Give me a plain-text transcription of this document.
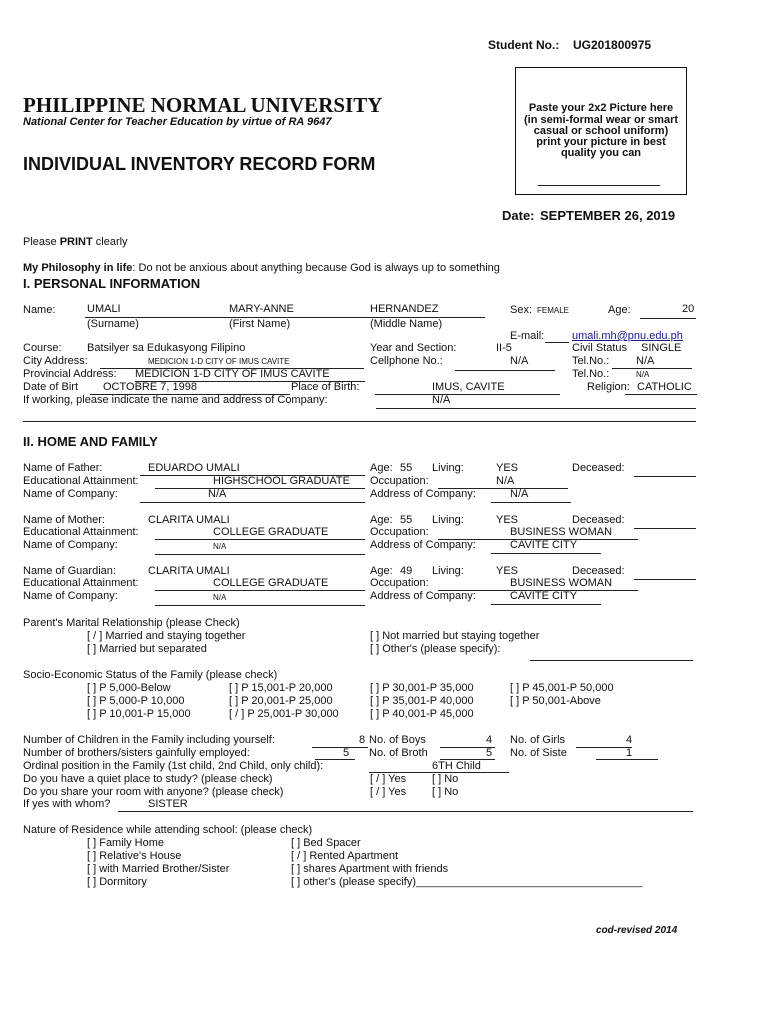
Student No.: UG201800975
PHILIPPINE NORMAL UNIVERSITY
National Center for Teacher Education by virtue of RA 9647
INDIVIDUAL INVENTORY RECORD FORM
Paste your 2x2 Picture here
(in semi-formal wear or smart
casual or school uniform)
print your picture in best
quality you can
Date: SEPTEMBER 26, 2019
Please PRINT clearly
My Philosophy in life: Do not be anxious about anything because God is always up to something
I. PERSONAL INFORMATION
Name:	UMALI	MARY-ANNE	HERNANDEZ	Sex: FEMALE	Age:	20
(Surname)	(First Name)	(Middle Name)
E-mail:	umali.mh@pnu.edu.ph
Course: Batsilyer sa Edukasyong Filipino	Year and Section:	II-5	Civil Status SINGLE
City Address:	MEDICION 1-D CITY OF IMUS CAVITE	Cellphone No.:	N/A	Tel.No.: N/A
Provincial Address: MEDICION 1-D CITY OF IMUS CAVITE	Tel.No.:	N/A
Date of Birt OCTOBRE 7, 1998	Place of Birth:	IMUS, CAVITE	Religion: CATHOLIC
If working, please indicate the name and address of Company:	N/A
II. HOME AND FAMILY
Name of Father:	EDUARDO UMALI	Age: 55 Living:	YES	Deceased:
Educational Attainment:	HIGHSCHOOL GRADUATE Occupation:	N/A
Name of Company:	N/A	Address of Company:	N/A
Name of Mother:	CLARITA UMALI	Age: 55 Living:	YES	Deceased:
Educational Attainment:	COLLEGE GRADUATE	Occupation:	BUSINESS WOMAN
Name of Company:	N/A	Address of Company:	CAVITE CITY
Name of Guardian:	CLARITA UMALI	Age: 49 Living:	YES	Deceased:
Educational Attainment:	COLLEGE GRADUATE	Occupation:	BUSINESS WOMAN
Name of Company:	N/A	Address of Company:	CAVITE CITY
Parent's Marital Relationship (please Check)
[ / ] Married and staying together
[ ] Married but separated
[ ] Not married but staying together
[ ] Other's (please specify):
Socio-Economic Status of the Family (please check)
[ ] P 5,000-Below
[ ] P 5,000-P 10,000
[ ] P 10,001-P 15,000
[ ] P 15,001-P 20,000
[ ] P 20,001-P 25,000
[ / ] P 25,001-P 30,000
[ ] P 30,001-P 35,000
[ ] P 35,001-P 40,000
[ ] P 40,001-P 45,000
[ ] P 45,001-P 50,000
[ ] P 50,001-Above
Number of Children in the Family including yourself:	8 No. of Boys	4 No. of Girls	4
Number of brothers/sisters gainfully employed:	5 No. of Broth	5 No. of Siste	1
Ordinal position in the Family (1st child, 2nd Child, only child):	6TH Child
Do you have a quiet place to study? (please check)	[ / ] Yes [ ] No
Do you share your room with anyone? (please check)	[ / ] Yes [ ] No
If yes with whom?	SISTER
Nature of Residence while attending school: (please check)
[ ] Family Home
[ ] Relative's House
[ ] with Married Brother/Sister
[ ] Dormitory
[ ] Bed Spacer
[ / ] Rented Apartment
[ ] shares Apartment with friends
[ ] other's (please specify)_____________________________________
cod-revised 2014
